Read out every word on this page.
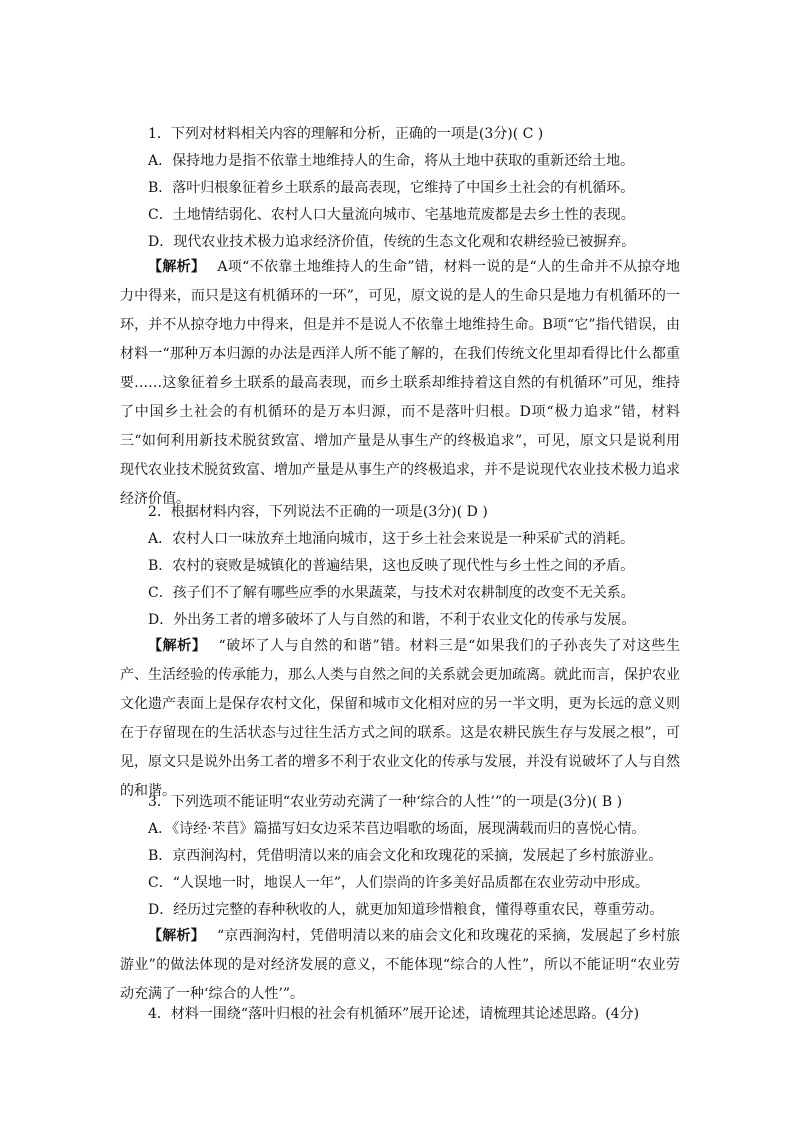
1．下列对材料相关内容的理解和分析，正确的一项是(3分)( C )
A．保持地力是指不依靠土地维持人的生命，将从土地中获取的重新还给土地。
B．落叶归根象征着乡土联系的最高表现，它维持了中国乡土社会的有机循环。
C．土地情结弱化、农村人口大量流向城市、宅基地荒废都是去乡土性的表现。
D．现代农业技术极力追求经济价值，传统的生态文化观和农耕经验已被摒弃。
【解析】 A项“不依靠土地维持人的生命”错，材料一说的是“人的生命并不从掠夺地力中得来，而只是这有机循环的一环”，可见，原文说的是人的生命只是地力有机循环的一环，并不从掠夺地力中得来，但是并不是说人不依靠土地维持生命。B项“它”指代错误，由材料一“那种万本归源的办法是西洋人所不能了解的，在我们传统文化里却看得比什么都重要……这象征着乡土联系的最高表现，而乡土联系却维持着这自然的有机循环”可见，维持了中国乡土社会的有机循环的是万本归源，而不是落叶归根。D项“极力追求”错，材料三“如何利用新技术脱贫致富、增加产量是从事生产的终极追求”，可见，原文只是说利用现代农业技术脱贫致富、增加产量是从事生产的终极追求，并不是说现代农业技术极力追求经济价值。
2．根据材料内容，下列说法不正确的一项是(3分)( D )
A．农村人口一味放弃土地涌向城市，这于乡土社会来说是一种采矿式的消耗。
B．农村的衰败是城镇化的普遍结果，这也反映了现代性与乡土性之间的矛盾。
C．孩子们不了解有哪些应季的水果蔬菜，与技术对农耕制度的改变不无关系。
D．外出务工者的增多破坏了人与自然的和谐，不利于农业文化的传承与发展。
【解析】 “破坏了人与自然的和谐”错。材料三是“如果我们的子孙丧失了对这些生产、生活经验的传承能力，那么人类与自然之间的关系就会更加疏离。就此而言，保护农业文化遗产表面上是保存农村文化，保留和城市文化相对应的另一半文明，更为长远的意义则在于存留现在的生活状态与过往生活方式之间的联系。这是农耕民族生存与发展之根”，可见，原文只是说外出务工者的增多不利于农业文化的传承与发展，并没有说破坏了人与自然的和谐。
3．下列选项不能证明“农业劳动充满了一种‘综合的人性’”的一项是(3分)( B )
A．《诗经·芣苢》篇描写妇女边采芣苢边唱歌的场面，展现满载而归的喜悦心情。
B．京西涧沟村，凭借明清以来的庙会文化和玫瑰花的采摘，发展起了乡村旅游业。
C．“人误地一时，地误人一年”，人们崇尚的许多美好品质都在农业劳动中形成。
D．经历过完整的春种秋收的人，就更加知道珍惜粮食，懂得尊重农民，尊重劳动。
【解析】 “京西涧沟村，凭借明清以来的庙会文化和玫瑰花的采摘，发展起了乡村旅游业”的做法体现的是对经济发展的意义，不能体现“综合的人性”，所以不能证明“农业劳动充满了一种‘综合的人性’”。
4．材料一围绕“落叶归根的社会有机循环”展开论述，请梳理其论述思路。(4分)
